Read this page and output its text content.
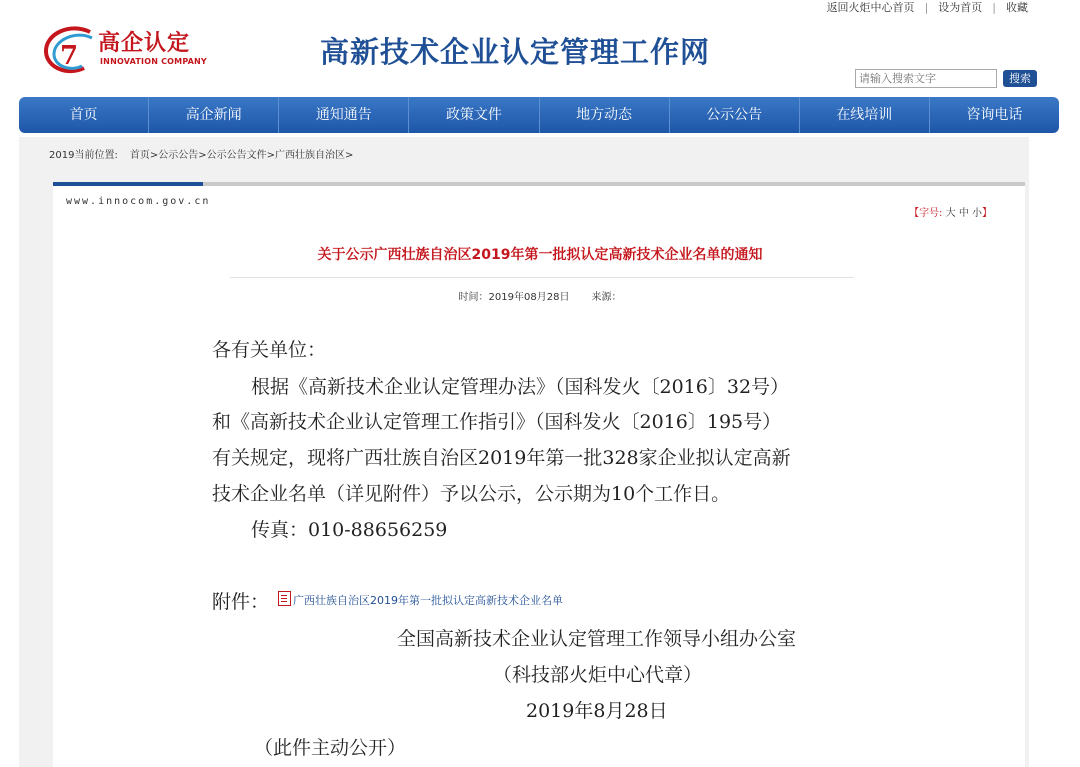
返回火炬中心首页 | 设为首页 | 收藏
7 高企认定
INNOVATION COMPANY	高新技术企业认定管理工作网
请输入搜索文字
搜索
首页	高企新闻	通知通告	政策文件	地方动态	公示公告	在线培训	咨询电话
2019当前位置: 首页>公示公告>公示公告文件>广西壮族自治区>
www.innocom.gov.cn
【字号: 大 中 小】
关于公示广西壮族自治区2019年第一批拟认定高新技术企业名单的通知
时间：2019年08月28日 来源：
各有关单位：
根据《高新技术企业认定管理办法》（国科发火〔2016〕32号）
和《高新技术企业认定管理工作指引》（国科发火〔2016〕195号）
有关规定，现将广西壮族自治区2019年第一批328家企业拟认定高新
技术企业名单（详见附件）予以公示，公示期为10个工作日。
传真：010-88656259
附件：	广西壮族自治区2019年第一批拟认定高新技术企业名单
全国高新技术企业认定管理工作领导小组办公室
（科技部火炬中心代章）
2019年8月28日
（此件主动公开）
